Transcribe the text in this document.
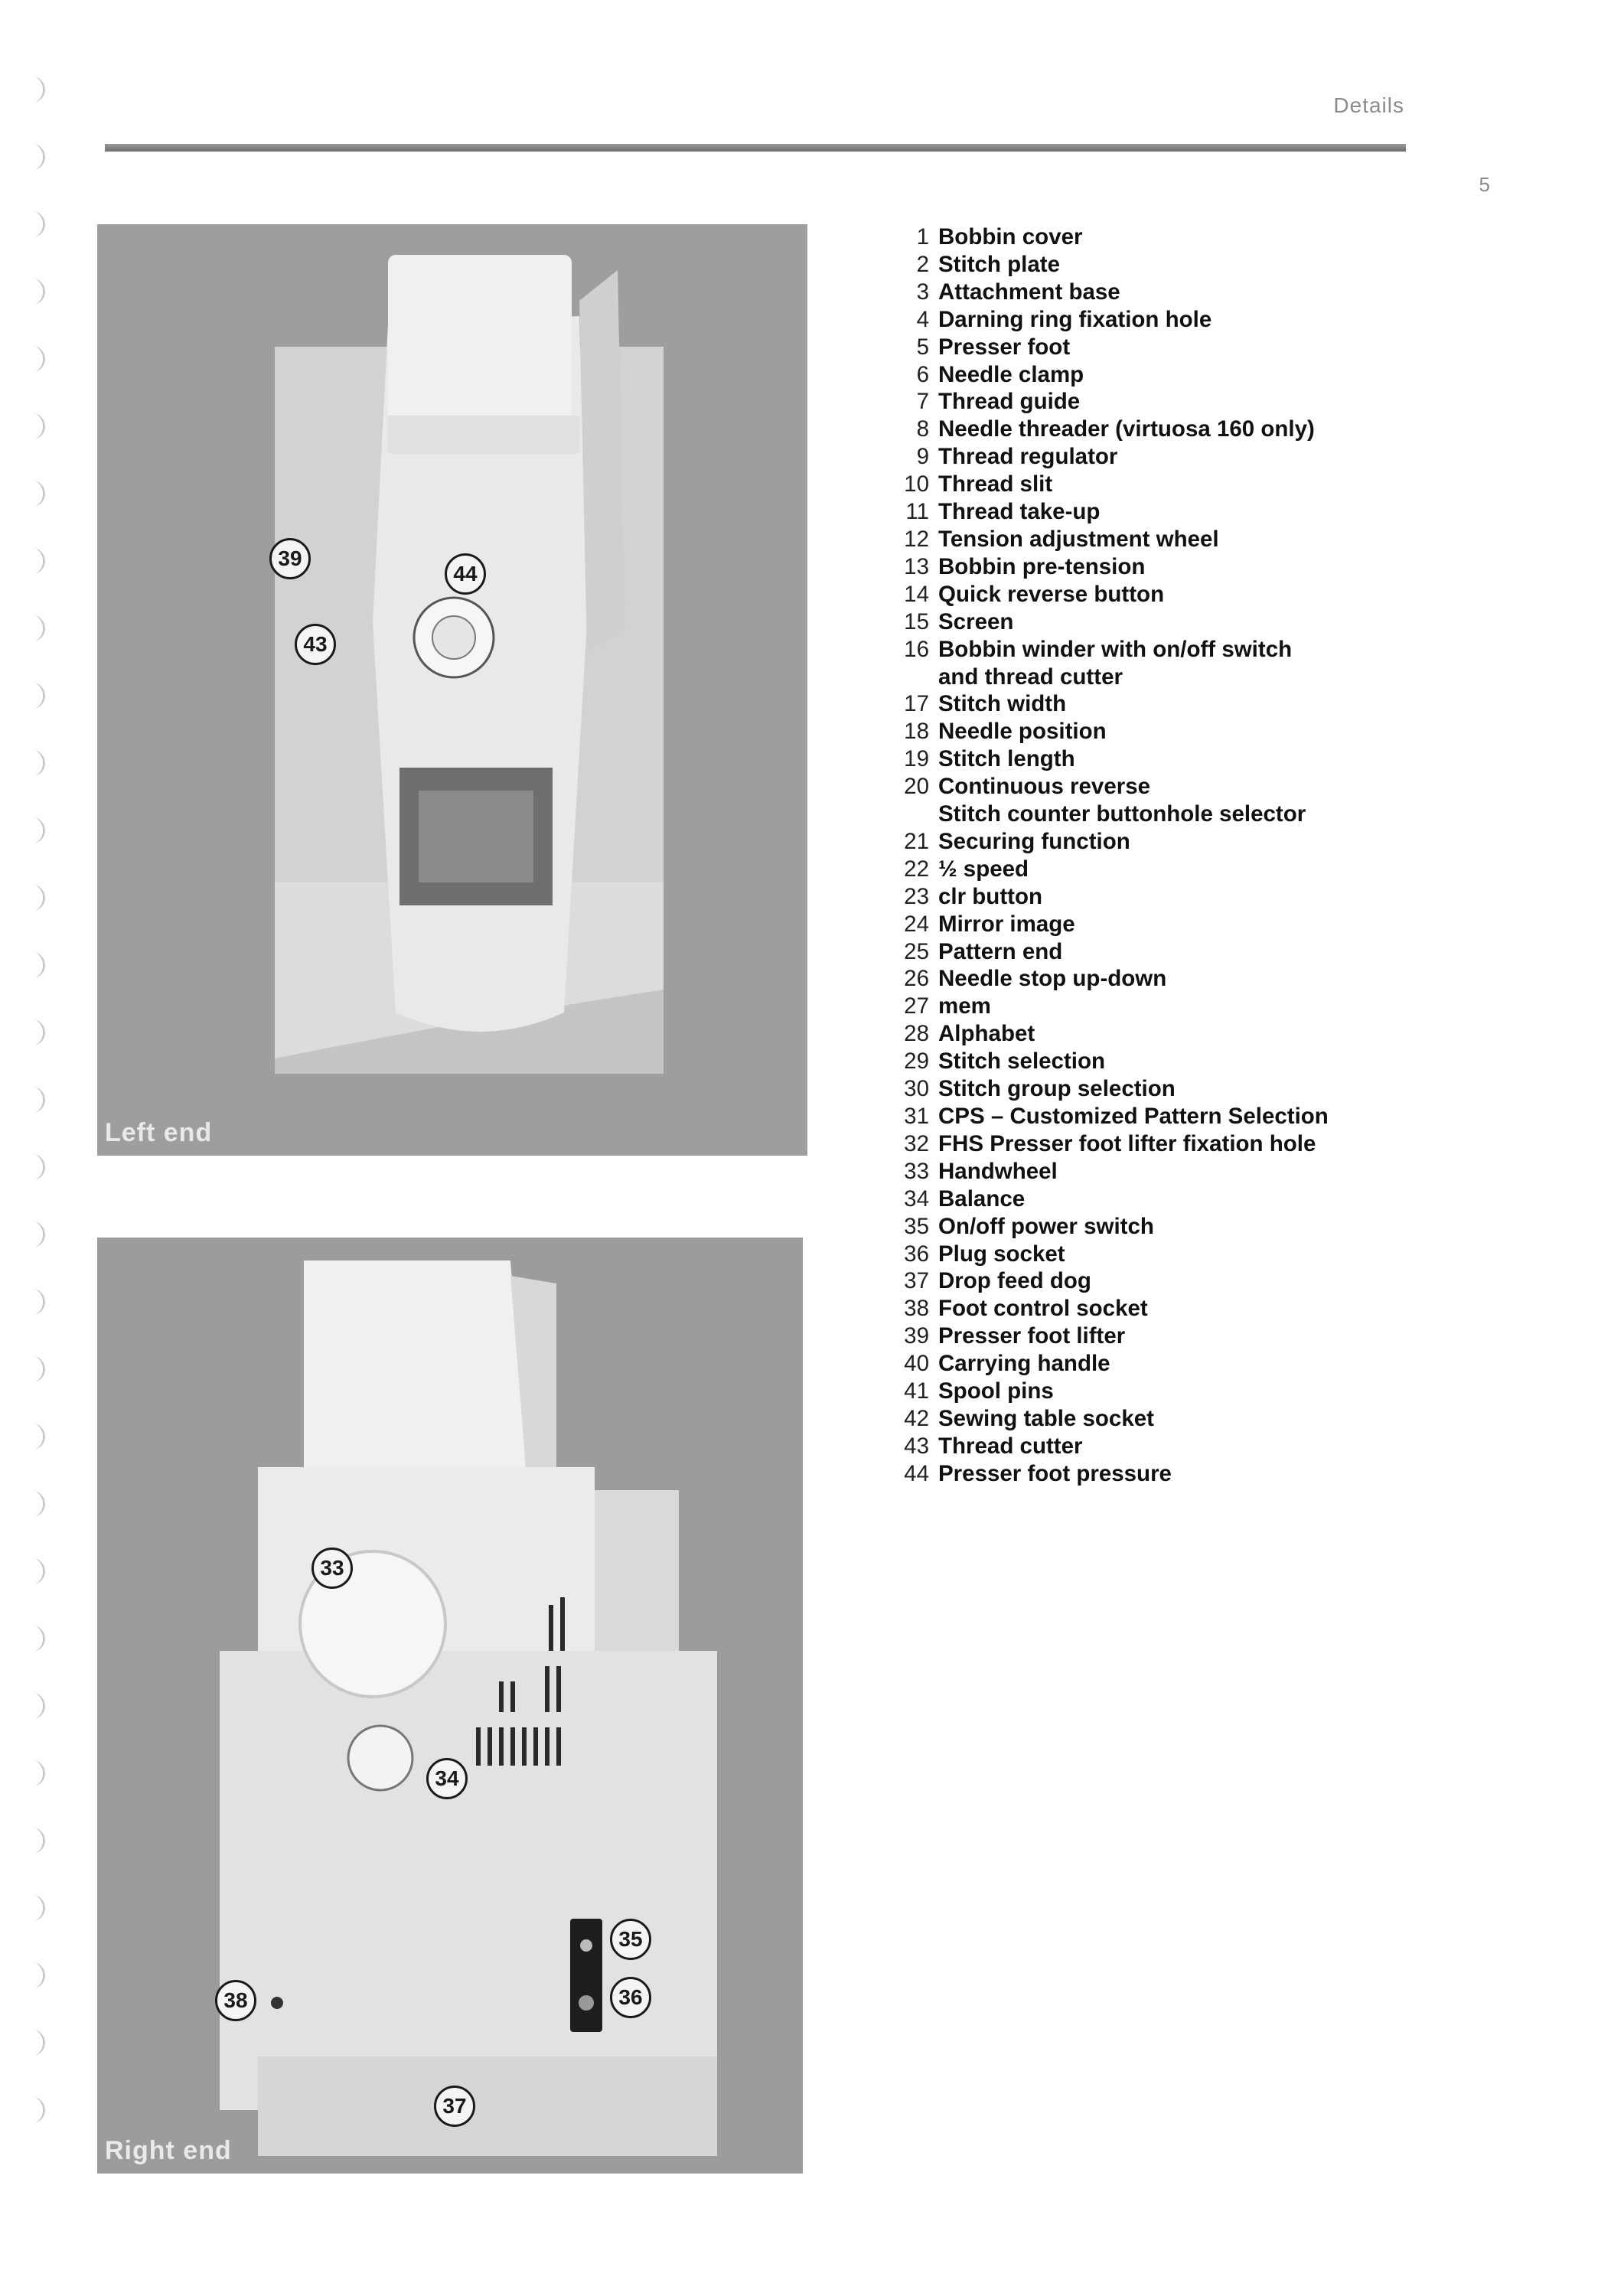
Details
5
39
44
43
Left end
33
34
35
36
38
37
Right end
1 Bobbin cover
2 Stitch plate
3 Attachment base
4 Darning ring fixation hole
5 Presser foot
6 Needle clamp
7 Thread guide
8 Needle threader (virtuosa 160 only)
9 Thread regulator
10 Thread slit
11 Thread take-up
12 Tension adjustment wheel
13 Bobbin pre-tension
14 Quick reverse button
15 Screen
16 Bobbin winder with on/off switch
and thread cutter
17 Stitch width
18 Needle position
19 Stitch length
20 Continuous reverse
Stitch counter buttonhole selector
21 Securing function
22 ½ speed
23 clr button
24 Mirror image
25 Pattern end
26 Needle stop up-down
27 mem
28 Alphabet
29 Stitch selection
30 Stitch group selection
31 CPS – Customized Pattern Selection
32 FHS Presser foot lifter fixation hole
33 Handwheel
34 Balance
35 On/off power switch
36 Plug socket
37 Drop feed dog
38 Foot control socket
39 Presser foot lifter
40 Carrying handle
41 Spool pins
42 Sewing table socket
43 Thread cutter
44 Presser foot pressure
